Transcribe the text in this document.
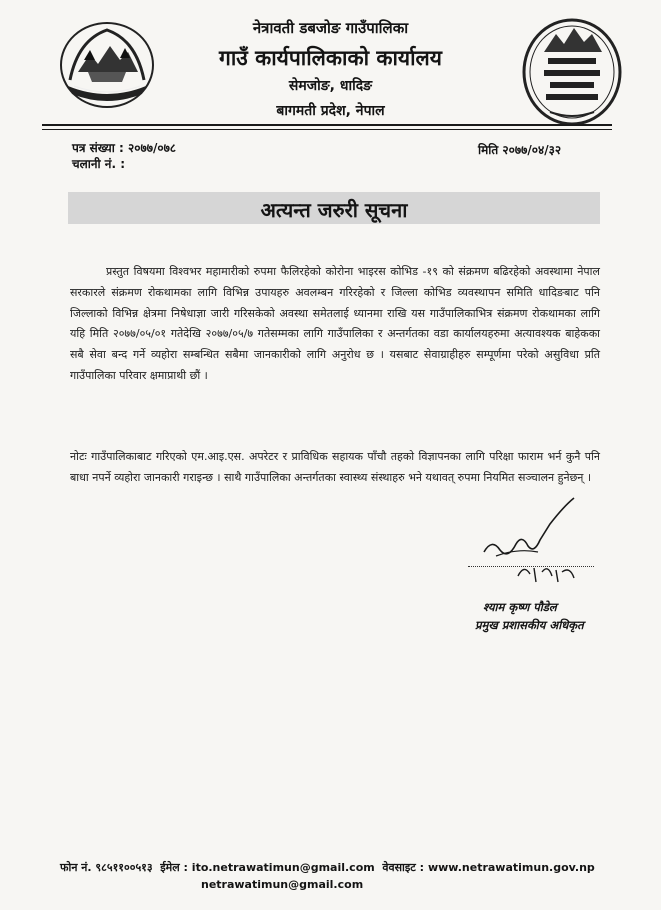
नेत्रावती डबजोङ गाउँपालिका
गाउँ कार्यपालिकाको कार्यालय
सेमजोङ, धादिङ
बागमती प्रदेश, नेपाल
पत्र संख्या : २०७७/०७८
चलानी नं. :
मिति २०७७/०४/३२
अत्यन्त जरुरी सूचना
प्रस्तुत विषयमा विश्वभर महामारीको रुपमा फैलिरहेको कोरोना भाइरस कोभिड -१९ को संक्रमण बढिरहेको अवस्थामा नेपाल सरकारले संक्रमण रोकथामका लागि विभिन्न उपायहरु अवलम्बन गरिरहेको र जिल्ला कोभिड व्यवस्थापन समिति धादिङबाट पनि जिल्लाको विभिन्न क्षेत्रमा निषेधाज्ञा जारी गरिसकेको अवस्था समेतलाई ध्यानमा राखि यस गाउँपालिकाभित्र संक्रमण रोकथामका लागि यहि मिति २०७७/०५/०१ गतेदेखि २०७७/०५/७ गतेसम्मका लागि गाउँपालिका र अन्तर्गतका वडा कार्यालयहरुमा अत्यावश्यक बाहेकका सबै सेवा बन्द गर्ने व्यहोरा सम्बन्धित सबैमा जानकारीको लागि अनुरोध छ । यसबाट सेवाग्राहीहरु सम्पूर्णमा परेको असुविधा प्रति गाउँपालिका परिवार क्षमाप्राथी छौं ।
नोटः गाउँपालिकाबाट गरिएको एम.आइ.एस. अपरेटर र प्राविधिक सहायक पाँचौ तहको विज्ञापनका लागि परिक्षा फाराम भर्न कुनै पनि बाधा नपर्ने व्यहोरा जानकारी गराइन्छ । साथै गाउँपालिका अन्तर्गतका स्वास्थ्य संस्थाहरु भने यथावत् रुपमा नियमित सञ्चालन हुनेछन् ।
श्याम कृष्ण पौडेल
प्रमुख प्रशासकीय अधिकृत
फोन नं. ९८५११००५१३ ईमेल : ito.netrawatimun@gmail.com वेवसाइट : www.netrawatimun.gov.np
netrawatimun@gmail.com
